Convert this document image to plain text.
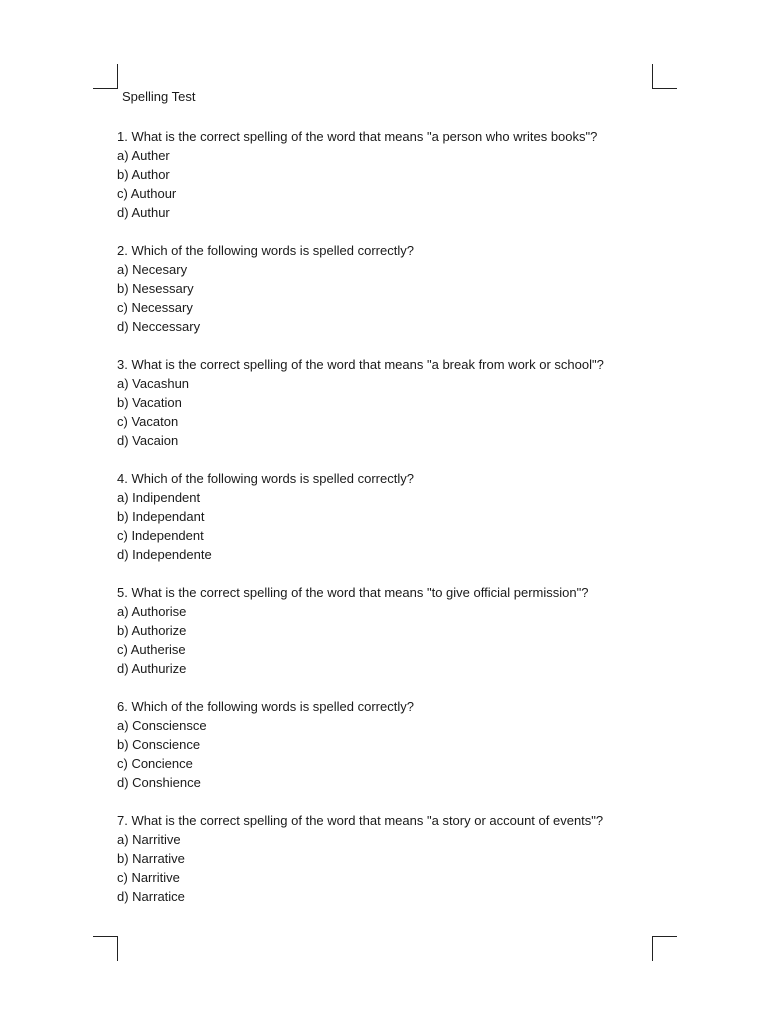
Spelling Test
1. What is the correct spelling of the word that means "a person who writes books"?
a) Auther
b) Author
c) Authour
d) Authur
2. Which of the following words is spelled correctly?
a) Necesary
b) Nesessary
c) Necessary
d) Neccessary
3. What is the correct spelling of the word that means "a break from work or school"?
a) Vacashun
b) Vacation
c) Vacaton
d) Vacaion
4. Which of the following words is spelled correctly?
a) Indipendent
b) Independant
c) Independent
d) Independente
5. What is the correct spelling of the word that means "to give official permission"?
a) Authorise
b) Authorize
c) Autherise
d) Authurize
6. Which of the following words is spelled correctly?
a) Consciensce
b) Conscience
c) Concience
d) Conshience
7. What is the correct spelling of the word that means "a story or account of events"?
a) Narritive
b) Narrative
c) Narritive
d) Narratice
